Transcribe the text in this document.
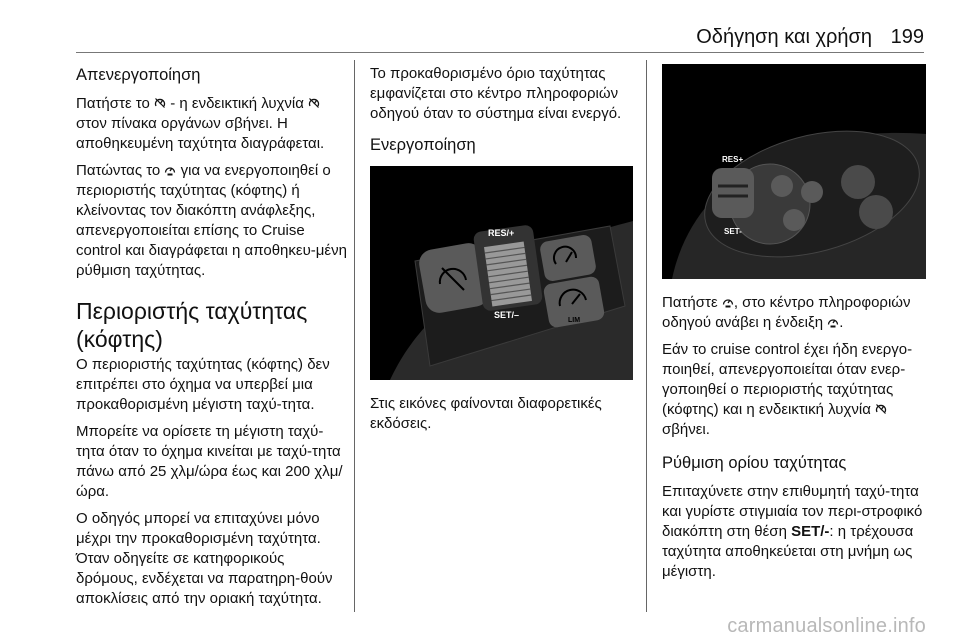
Οδήγηση και χρήση 199
Απενεργοποίηση

Πατήστε το  - η ενδεικτική λυχνία  στον πίνακα οργάνων σβήνει. Η αποθηκευμένη ταχύτητα διαγράφεται.

Πατώντας το  για να ενεργοποιηθεί ο περιοριστής ταχύτητας (κόφτης) ή κλείνοντας τον διακόπτη ανάφλεξης, απενεργοποιείται επίσης το Cruise control και διαγράφεται η αποθηκευ-μένη ρύθμιση ταχύτητας.

Περιοριστής ταχύτητας
(κόφτης)

Ο περιοριστής ταχύτητας (κόφτης) δεν επιτρέπει στο όχημα να υπερβεί μια προκαθορισμένη μέγιστη ταχύ-τητα.

Μπορείτε να ορίσετε τη μέγιστη ταχύ-τητα όταν το όχημα κινείται με ταχύ-τητα πάνω από 25 χλμ/ώρα έως και 200 χλμ/ώρα.

Ο οδηγός μπορεί να επιταχύνει μόνο μέχρι την προκαθορισμένη ταχύτητα. Όταν οδηγείτε σε κατηφορικούς δρόμους, ενδέχεται να παρατηρη-θούν αποκλίσεις από την οριακή ταχύτητα.

Το προκαθορισμένο όριο ταχύτητας εμφανίζεται στο κέντρο πληροφοριών οδηγού όταν το σύστημα είναι ενεργό.

Ενεργοποίηση
RES/+
SET/–
LIM

Στις εικόνες φαίνονται διαφορετικές εκδόσεις.

RES+
SET-

Πατήστε , στο κέντρο πληροφοριών οδηγού ανάβει η ένδειξη .

Εάν το cruise control έχει ήδη ενεργο-ποιηθεί, απενεργοποιείται όταν ενερ-γοποιηθεί ο περιοριστής ταχύτητας (κόφτης) και η ενδεικτική λυχνία  σβήνει.

Ρύθμιση ορίου ταχύτητας

Επιταχύνετε στην επιθυμητή ταχύ-τητα και γυρίστε στιγμιαία τον περι-στροφικό διακόπτη στη θέση SET/-: η τρέχουσα ταχύτητα αποθηκεύεται στη μνήμη ως μέγιστη.

carmanualsonline.info
